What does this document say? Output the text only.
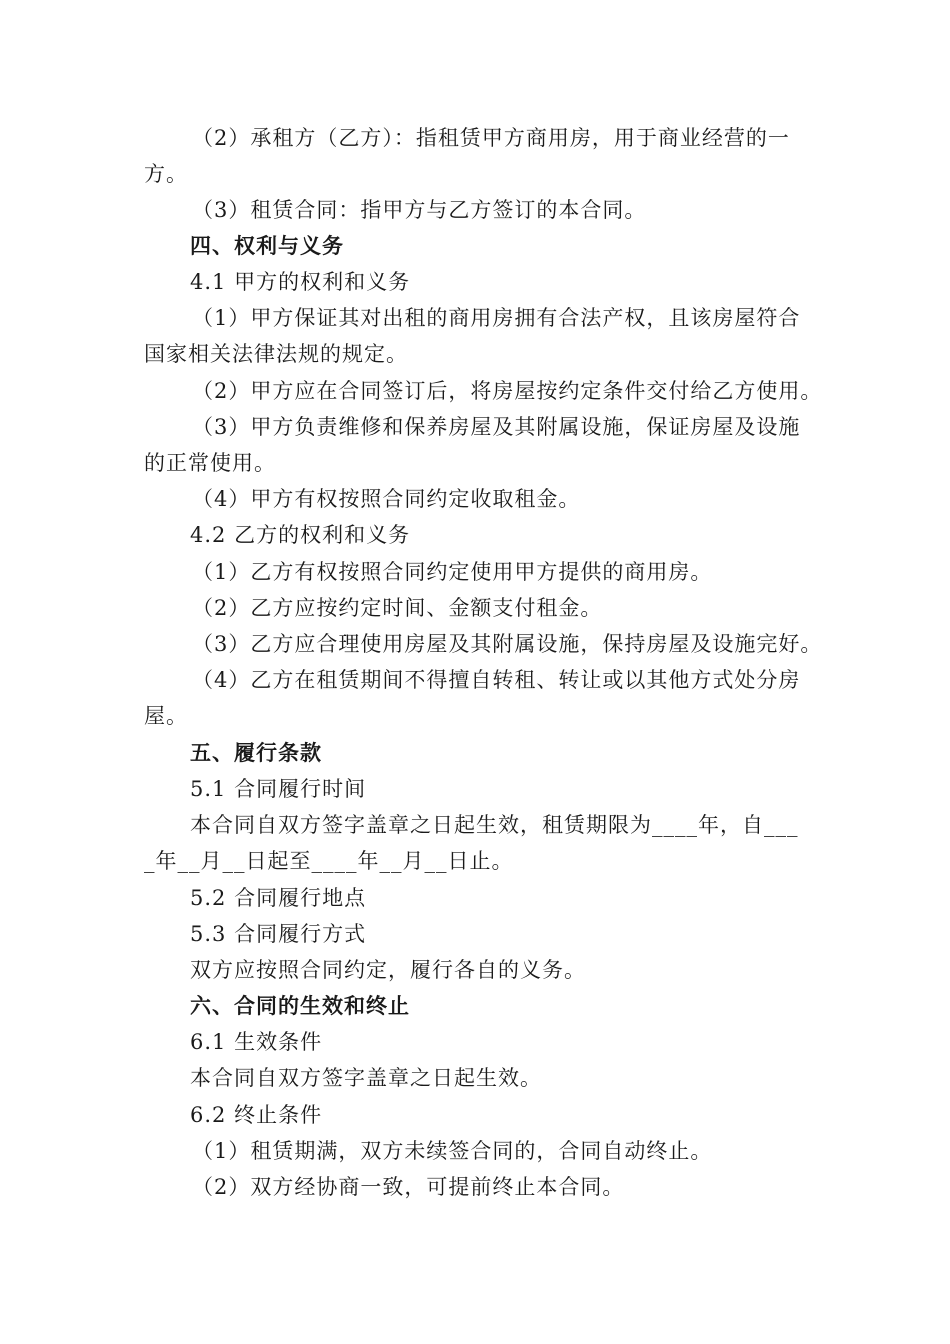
（2）承租方（乙方）：指租赁甲方商用房，用于商业经营的一
方。
（3）租赁合同：指甲方与乙方签订的本合同。
四、权利与义务
4.1 甲方的权利和义务
（1）甲方保证其对出租的商用房拥有合法产权，且该房屋符合
国家相关法律法规的规定。
（2）甲方应在合同签订后，将房屋按约定条件交付给乙方使用。
（3）甲方负责维修和保养房屋及其附属设施，保证房屋及设施
的正常使用。
（4）甲方有权按照合同约定收取租金。
4.2 乙方的权利和义务
（1）乙方有权按照合同约定使用甲方提供的商用房。
（2）乙方应按约定时间、金额支付租金。
（3）乙方应合理使用房屋及其附属设施，保持房屋及设施完好。
（4）乙方在租赁期间不得擅自转租、转让或以其他方式处分房
屋。
五、履行条款
5.1 合同履行时间
本合同自双方签字盖章之日起生效，租赁期限为____年，自___
_年__月__日起至____年__月__日止。
5.2 合同履行地点
5.3 合同履行方式
双方应按照合同约定，履行各自的义务。
六、合同的生效和终止
6.1 生效条件
本合同自双方签字盖章之日起生效。
6.2 终止条件
（1）租赁期满，双方未续签合同的，合同自动终止。
（2）双方经协商一致，可提前终止本合同。
